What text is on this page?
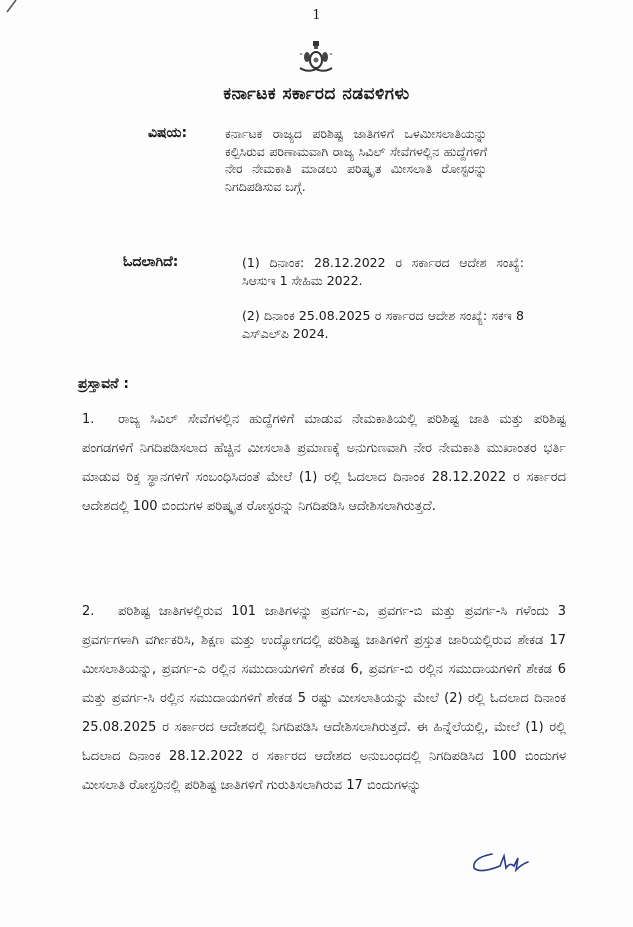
1
ಕರ್ನಾಟಕ ಸರ್ಕಾರದ ನಡವಳಿಗಳು
ವಿಷಯ:	ಕರ್ನಾಟಕ ರಾಜ್ಯದ ಪರಿಶಿಷ್ಟ ಜಾತಿಗಳಿಗೆ ಒಳಮೀಸಲಾತಿಯನ್ನು ಕಲ್ಪಿಸಿರುವ ಪರಿಣಾಮವಾಗಿ ರಾಜ್ಯ ಸಿವಿಲ್ ಸೇವೆಗಳಲ್ಲಿನ ಹುದ್ದೆಗಳಿಗೆ ನೇರ ನೇಮಕಾತಿ ಮಾಡಲು ಪರಿಷ್ಕೃತ ಮೀಸಲಾತಿ ರೋಸ್ಟರನ್ನು ನಿಗದಿಪಡಿಸುವ ಬಗ್ಗೆ.
ಓದಲಾಗಿದೆ:	(1) ದಿನಾಂಕ: 28.12.2022 ರ ಸರ್ಕಾರದ ಆದೇಶ ಸಂಖ್ಯೆ: ಸಿಆಸುಇ 1 ಸೇಹಿಮ 2022.
(2) ದಿನಾಂಕ 25.08.2025 ರ ಸರ್ಕಾರದ ಆದೇಶ ಸಂಖ್ಯೆ: ಸಕಇ 8 ಎಸ್‌ಎಲ್‌ಪಿ 2024.
ಪ್ರಸ್ತಾವನೆ :
1. ರಾಜ್ಯ ಸಿವಿಲ್ ಸೇವೆಗಳಲ್ಲಿನ ಹುದ್ದೆಗಳಿಗೆ ಮಾಡುವ ನೇಮಕಾತಿಯಲ್ಲಿ ಪರಿಶಿಷ್ಟ ಜಾತಿ ಮತ್ತು ಪರಿಶಿಷ್ಟ ಪಂಗಡಗಳಿಗೆ ನಿಗದಿಪಡಿಸಲಾದ ಹೆಚ್ಚಿನ ಮೀಸಲಾತಿ ಪ್ರಮಾಣಕ್ಕೆ ಅನುಗುಣವಾಗಿ ನೇರ ನೇಮಕಾತಿ ಮುಖಾಂತರ ಭರ್ತಿ ಮಾಡುವ ರಿಕ್ತ ಸ್ಥಾನಗಳಿಗೆ ಸಂಬಂಧಿಸಿದಂತೆ ಮೇಲೆ (1) ರಲ್ಲಿ ಓದಲಾದ ದಿನಾಂಕ 28.12.2022 ರ ಸರ್ಕಾರದ ಆದೇಶದಲ್ಲಿ 100 ಬಿಂದುಗಳ ಪರಿಷ್ಕೃತ ರೋಸ್ಟರನ್ನು ನಿಗದಿಪಡಿಸಿ ಆದೇಶಿಸಲಾಗಿರುತ್ತದೆ.
2. ಪರಿಶಿಷ್ಟ ಜಾತಿಗಳಲ್ಲಿರುವ 101 ಜಾತಿಗಳನ್ನು ಪ್ರವರ್ಗ-ಎ, ಪ್ರವರ್ಗ-ಬಿ ಮತ್ತು ಪ್ರವರ್ಗ-ಸಿ ಗಳೆಂದು 3 ಪ್ರವರ್ಗಗಳಾಗಿ ವರ್ಗೀಕರಿಸಿ, ಶಿಕ್ಷಣ ಮತ್ತು ಉದ್ಯೋಗದಲ್ಲಿ ಪರಿಶಿಷ್ಟ ಜಾತಿಗಳಿಗೆ ಪ್ರಸ್ತುತ ಜಾರಿಯಲ್ಲಿರುವ ಶೇಕಡ 17 ಮೀಸಲಾತಿಯನ್ನು, ಪ್ರವರ್ಗ-ಎ ರಲ್ಲಿನ ಸಮುದಾಯಗಳಿಗೆ ಶೇಕಡ 6, ಪ್ರವರ್ಗ-ಬಿ ರಲ್ಲಿನ ಸಮುದಾಯಗಳಿಗೆ ಶೇಕಡ 6 ಮತ್ತು ಪ್ರವರ್ಗ-ಸಿ ರಲ್ಲಿನ ಸಮುದಾಯಗಳಿಗೆ ಶೇಕಡ 5 ರಷ್ಟು ಮೀಸಲಾತಿಯನ್ನು ಮೇಲೆ (2) ರಲ್ಲಿ ಓದಲಾದ ದಿನಾಂಕ 25.08.2025 ರ ಸರ್ಕಾರದ ಆದೇಶದಲ್ಲಿ ನಿಗದಿಪಡಿಸಿ ಆದೇಶಿಸಲಾಗಿರುತ್ತದೆ. ಈ ಹಿನ್ನೆಲೆಯಲ್ಲಿ, ಮೇಲೆ (1) ರಲ್ಲಿ ಓದಲಾದ ದಿನಾಂಕ 28.12.2022 ರ ಸರ್ಕಾರದ ಆದೇಶದ ಅನುಬಂಧದಲ್ಲಿ ನಿಗದಿಪಡಿಸಿದ 100 ಬಿಂದುಗಳ ಮೀಸಲಾತಿ ರೋಸ್ಟರಿನಲ್ಲಿ ಪರಿಶಿಷ್ಟ ಜಾತಿಗಳಿಗೆ ಗುರುತಿಸಲಾಗಿರುವ 17 ಬಿಂದುಗಳನ್ನು
